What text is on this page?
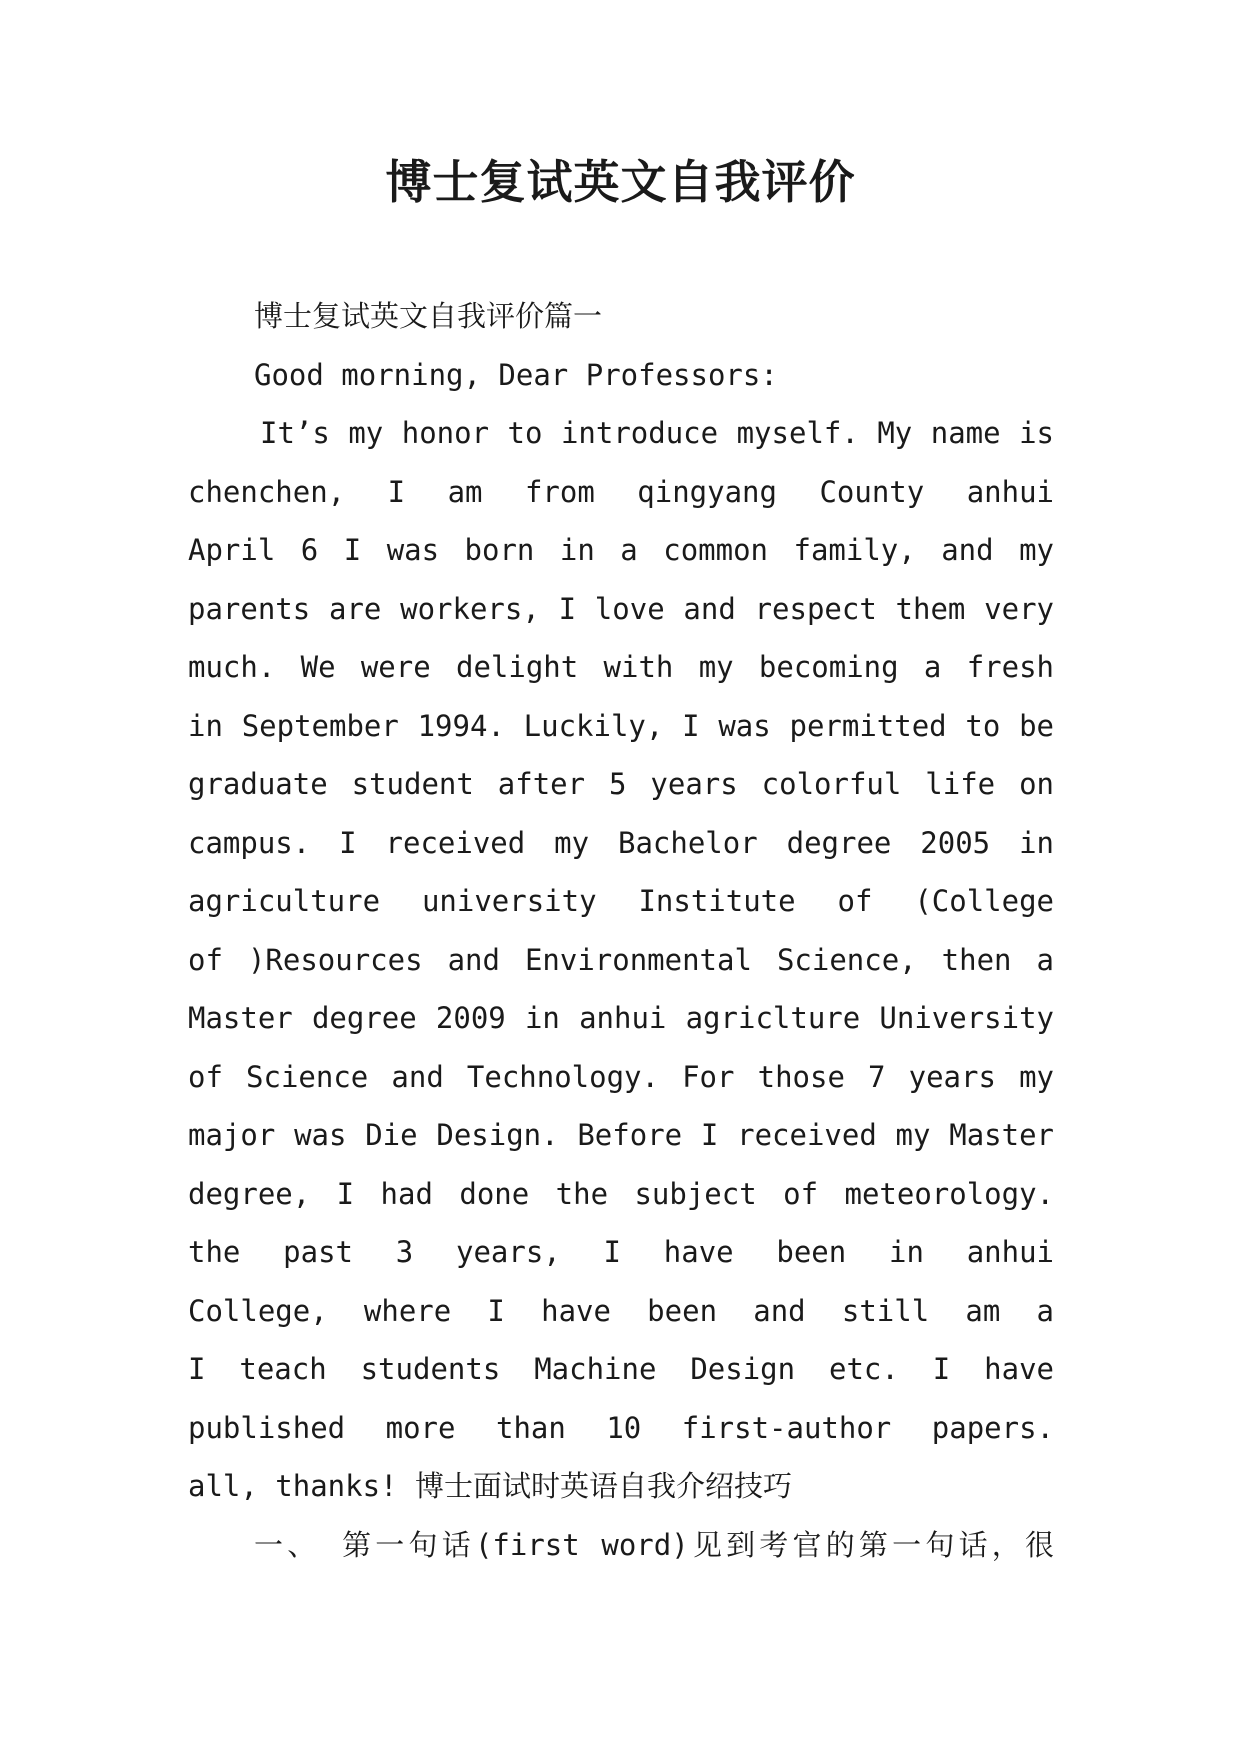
博士复试英文自我评价
博士复试英文自我评价篇一
Good morning, Dear Professors:
It’s my honor to introduce myself. My name is
chenchen, I am from qingyang County anhui
April 6 I was born in a common family, and my
parents are workers, I love and respect them very
much. We were delight with my becoming a fresh
in September 1994. Luckily, I was permitted to be
graduate student after 5 years colorful life on
campus. I received my Bachelor degree 2005 in
agriculture university Institute of (College
of )Resources and Environmental Science, then a
Master degree 2009 in anhui agriclture University
of Science and Technology. For those 7 years my
major was Die Design. Before I received my Master
degree, I had done the subject of meteorology.
the past 3 years, I have been in anhui
College, where I have been and still am a
I teach students Machine Design etc. I have
published more than 10 first-author papers.
all, thanks! 博士面试时英语自我介绍技巧
一、 第一句话(first word)见到考官的第一句话，很
